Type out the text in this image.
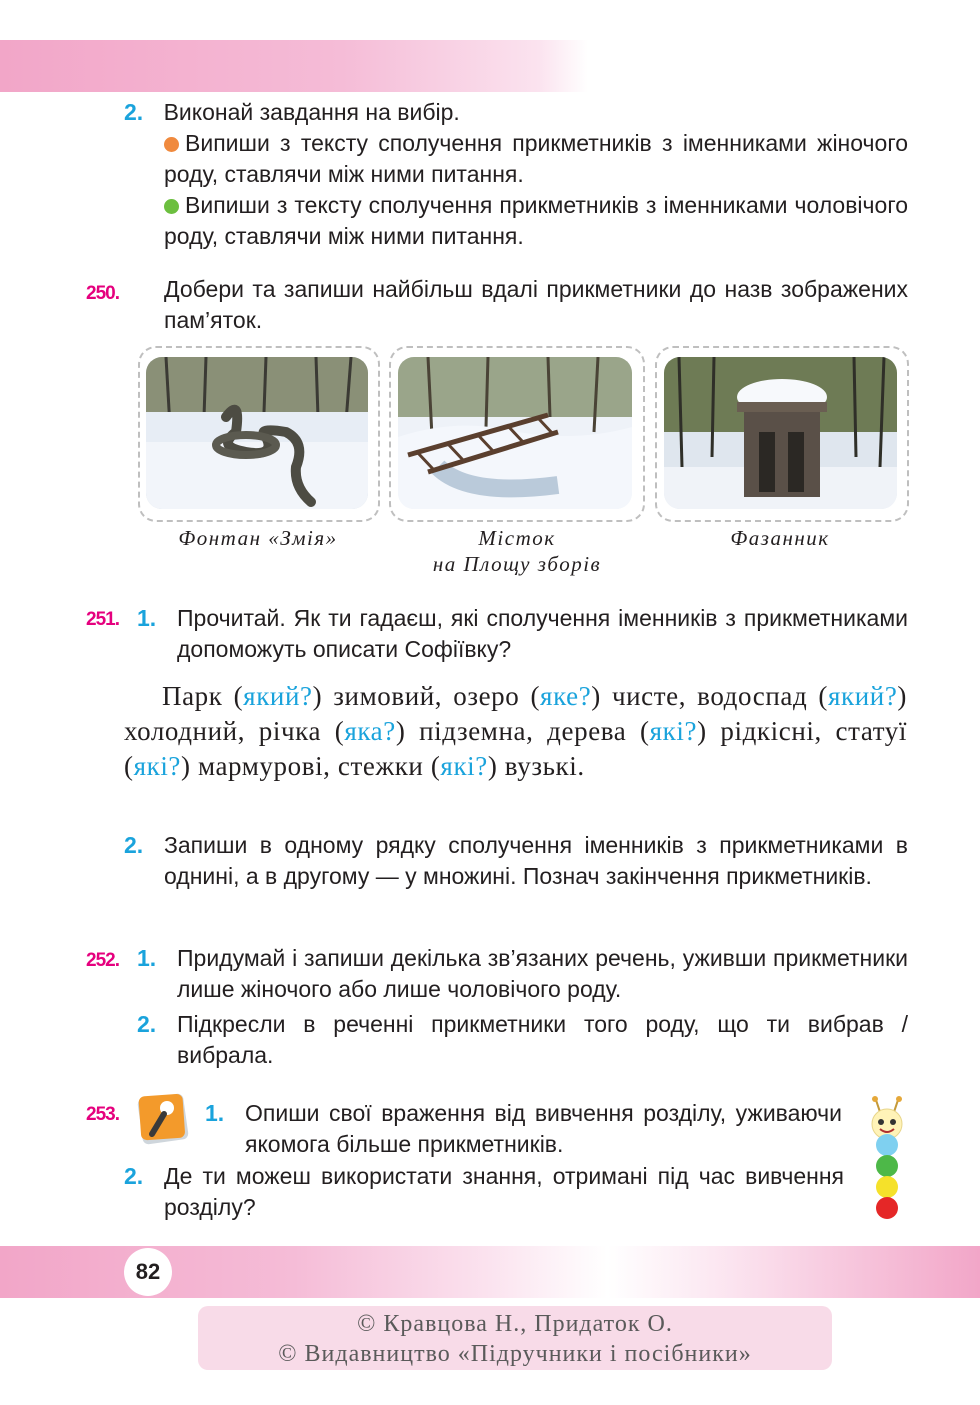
2. Виконай завдання на вибір.
Випиши з тексту сполучення прикметників з іменниками жіночого роду, ставлячи між ними питання.
Випиши з тексту сполучення прикметників з іменниками чоловічого роду, ставлячи між ними питання.
250. Добери та запиши найбільш вдалі прикметники до назв зображених пам’яток.
Фонтан «Змія»	Місток
на Площу зборів
Фазанник
251. 1. Прочитай. Як ти гадаєш, які сполучення іменників з прикметниками допоможуть описати Софіївку?
Парк (який?) зимовий, озеро (яке?) чисте, водоспад (який?) холодний, річка (яка?) підземна, дерева (які?) рідкісні, статуї (які?) мармурові, стежки (які?) вузькі.
2. Запиши в одному рядку сполучення іменників з прикметниками в однині, а в другому — у множині. Познач закінчення прикметників.
252. 1. Придумай і запиши декілька зв’язаних речень, уживши прикметники лише жіночого або лише чоловічого роду.
2. Підкресли в реченні прикметники того роду, що ти вибрав / вибрала.
253.	1. Опиши свої враження від вивчення розділу, уживаючи якомога більше прикметників.
2. Де ти можеш використати знання, отримані під час вивчення розділу?
82
© Кравцова Н., Придаток О.
© Видавництво «Підручники і посібники»
